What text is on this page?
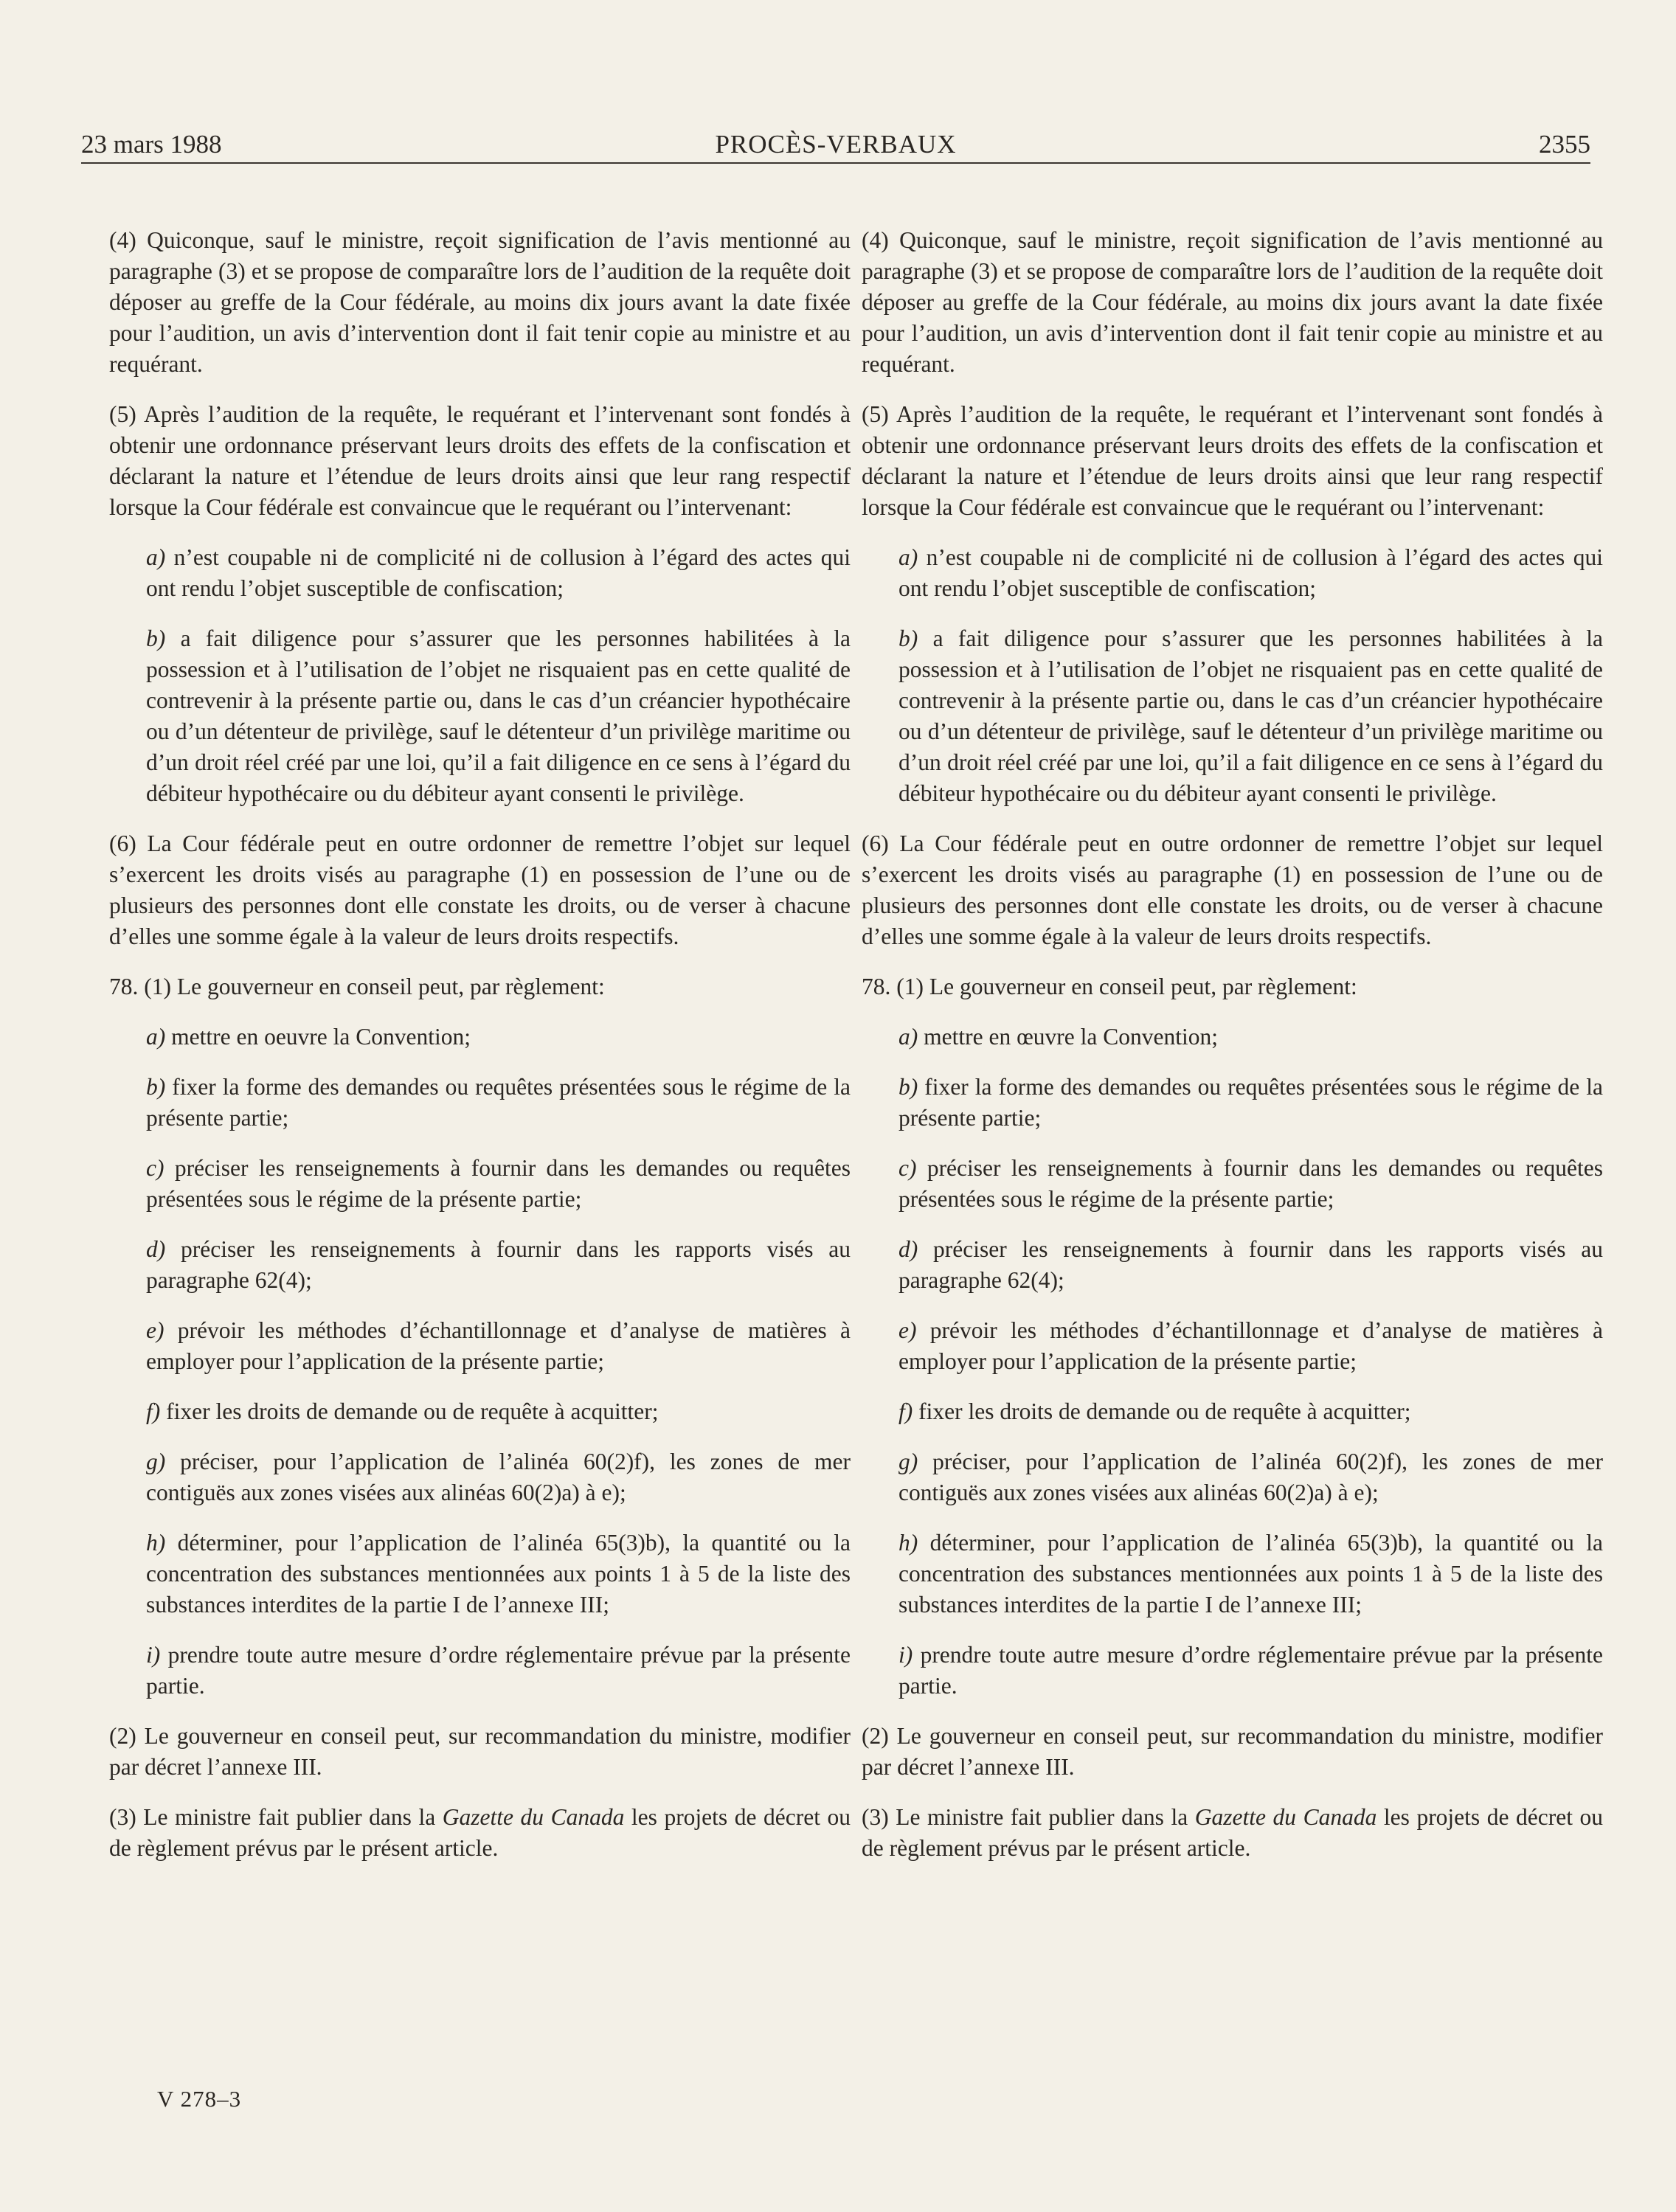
23 mars 1988	PROCÈS-VERBAUX	2355

(4) Quiconque, sauf le ministre, reçoit signification de l’avis mentionné au paragraphe (3) et se propose de comparaître lors de l’audition de la requête doit déposer au greffe de la Cour fédérale, au moins dix jours avant la date fixée pour l’audition, un avis d’intervention dont il fait tenir copie au ministre et au requérant.

(5) Après l’audition de la requête, le requérant et l’intervenant sont fondés à obtenir une ordonnance préservant leurs droits des effets de la confiscation et déclarant la nature et l’étendue de leurs droits ainsi que leur rang respectif lorsque la Cour fédérale est convaincue que le requérant ou l’intervenant:

a) n’est coupable ni de complicité ni de collusion à l’égard des actes qui ont rendu l’objet susceptible de confiscation;

b) a fait diligence pour s’assurer que les personnes habilitées à la possession et à l’utilisation de l’objet ne risquaient pas en cette qualité de contrevenir à la présente partie ou, dans le cas d’un créancier hypothécaire ou d’un détenteur de privilège, sauf le détenteur d’un privilège maritime ou d’un droit réel créé par une loi, qu’il a fait diligence en ce sens à l’égard du débiteur hypothécaire ou du débiteur ayant consenti le privilège.

(6) La Cour fédérale peut en outre ordonner de remettre l’objet sur lequel s’exercent les droits visés au paragraphe (1) en possession de l’une ou de plusieurs des personnes dont elle constate les droits, ou de verser à chacune d’elles une somme égale à la valeur de leurs droits respectifs.

78. (1) Le gouverneur en conseil peut, par règlement:

a) mettre en oeuvre la Convention;

b) fixer la forme des demandes ou requêtes présentées sous le régime de la présente partie;

c) préciser les renseignements à fournir dans les demandes ou requêtes présentées sous le régime de la présente partie;

d) préciser les renseignements à fournir dans les rapports visés au paragraphe 62(4);

e) prévoir les méthodes d’échantillonnage et d’analyse de matières à employer pour l’application de la présente partie;

f) fixer les droits de demande ou de requête à acquitter;

g) préciser, pour l’application de l’alinéa 60(2)f), les zones de mer contiguës aux zones visées aux alinéas 60(2)a) à e);

h) déterminer, pour l’application de l’alinéa 65(3)b), la quantité ou la concentration des substances mentionnées aux points 1 à 5 de la liste des substances interdites de la partie I de l’annexe III;

i) prendre toute autre mesure d’ordre réglementaire prévue par la présente partie.

(2) Le gouverneur en conseil peut, sur recommandation du ministre, modifier par décret l’annexe III.

(3) Le ministre fait publier dans la Gazette du Canada les projets de décret ou de règlement prévus par le présent article.

(4) Quiconque, sauf le ministre, reçoit signification de l’avis mentionné au paragraphe (3) et se propose de comparaître lors de l’audition de la requête doit déposer au greffe de la Cour fédérale, au moins dix jours avant la date fixée pour l’audition, un avis d’intervention dont il fait tenir copie au ministre et au requérant.

(5) Après l’audition de la requête, le requérant et l’intervenant sont fondés à obtenir une ordonnance préservant leurs droits des effets de la confiscation et déclarant la nature et l’étendue de leurs droits ainsi que leur rang respectif lorsque la Cour fédérale est convaincue que le requérant ou l’intervenant:

a) n’est coupable ni de complicité ni de collusion à l’égard des actes qui ont rendu l’objet susceptible de confiscation;

b) a fait diligence pour s’assurer que les personnes habilitées à la possession et à l’utilisation de l’objet ne risquaient pas en cette qualité de contrevenir à la présente partie ou, dans le cas d’un créancier hypothécaire ou d’un détenteur de privilège, sauf le détenteur d’un privilège maritime ou d’un droit réel créé par une loi, qu’il a fait diligence en ce sens à l’égard du débiteur hypothécaire ou du débiteur ayant consenti le privilège.

(6) La Cour fédérale peut en outre ordonner de remettre l’objet sur lequel s’exercent les droits visés au paragraphe (1) en possession de l’une ou de plusieurs des personnes dont elle constate les droits, ou de verser à chacune d’elles une somme égale à la valeur de leurs droits respectifs.

78. (1) Le gouverneur en conseil peut, par règlement:

a) mettre en œuvre la Convention;

b) fixer la forme des demandes ou requêtes présentées sous le régime de la présente partie;

c) préciser les renseignements à fournir dans les demandes ou requêtes présentées sous le régime de la présente partie;

d) préciser les renseignements à fournir dans les rapports visés au paragraphe 62(4);

e) prévoir les méthodes d’échantillonnage et d’analyse de matières à employer pour l’application de la présente partie;

f) fixer les droits de demande ou de requête à acquitter;

g) préciser, pour l’application de l’alinéa 60(2)f), les zones de mer contiguës aux zones visées aux alinéas 60(2)a) à e);

h) déterminer, pour l’application de l’alinéa 65(3)b), la quantité ou la concentration des substances mentionnées aux points 1 à 5 de la liste des substances interdites de la partie I de l’annexe III;

i) prendre toute autre mesure d’ordre réglementaire prévue par la présente partie.

(2) Le gouverneur en conseil peut, sur recommandation du ministre, modifier par décret l’annexe III.

(3) Le ministre fait publier dans la Gazette du Canada les projets de décret ou de règlement prévus par le présent article.

V 278–3
